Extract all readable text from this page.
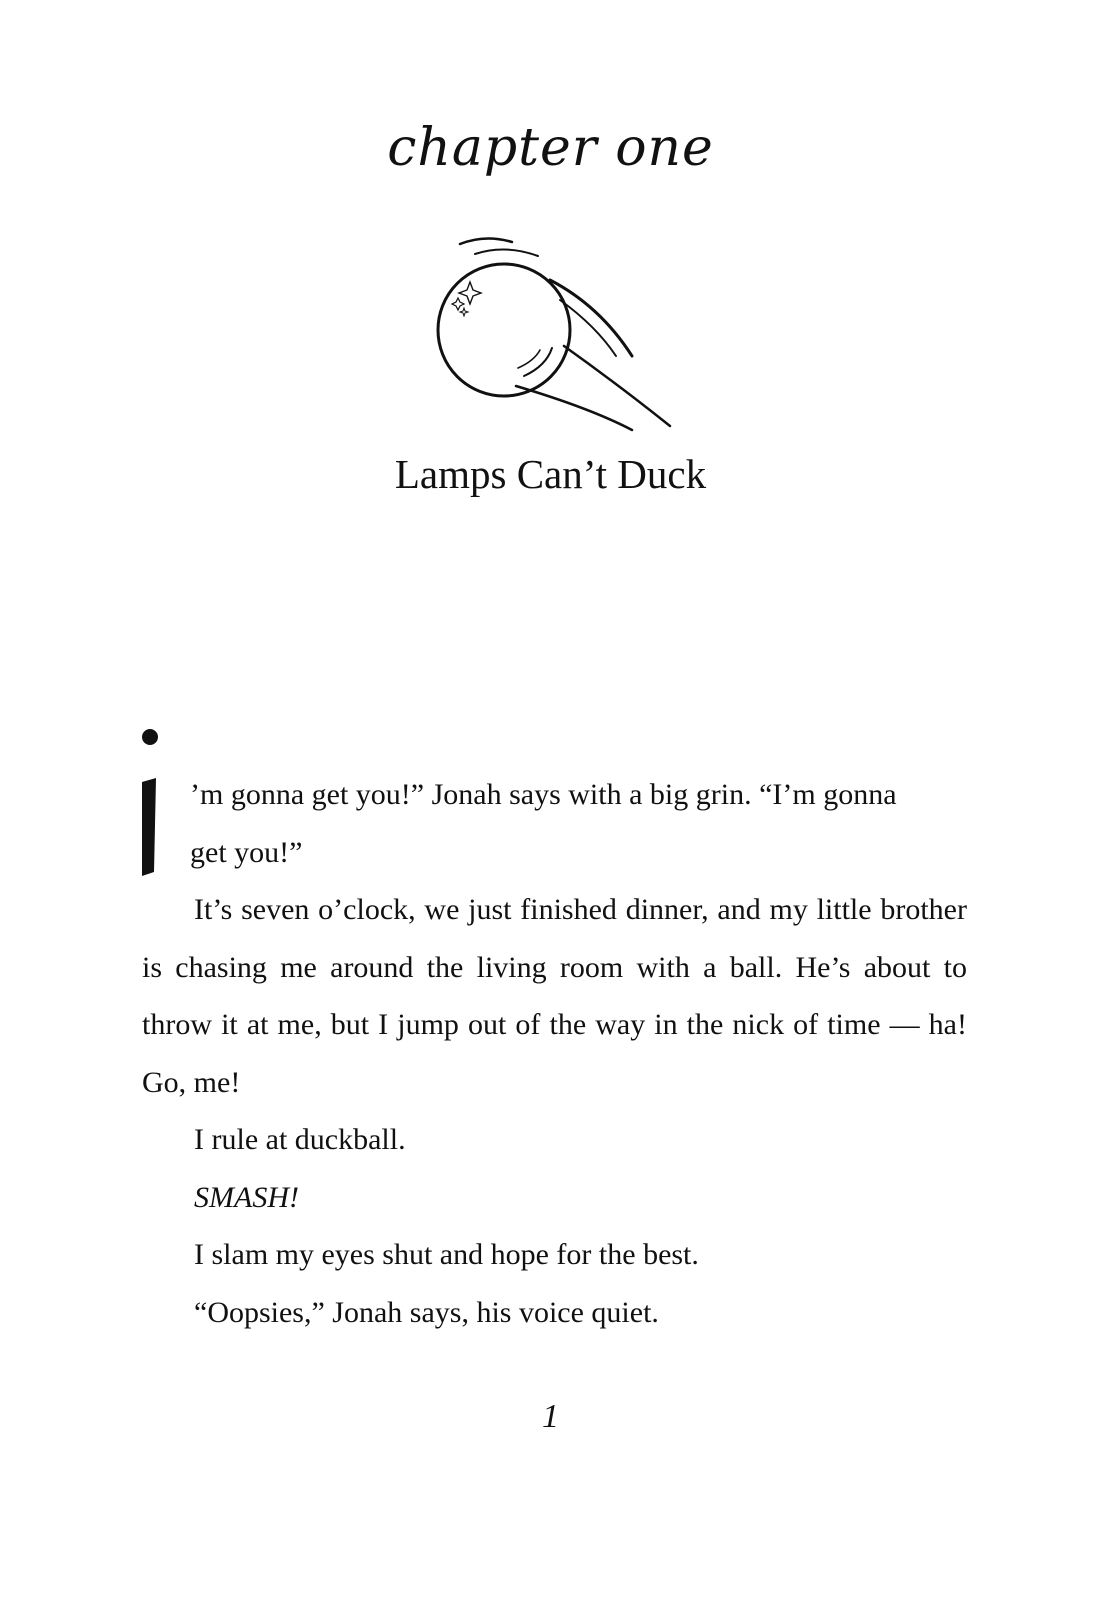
chapter one
Lamps Can’t Duck

’m gonna get you!” Jonah says with a big grin. “I’m gonna
get you!”

It’s seven o’clock, we just finished dinner, and my little brother is chasing me around the living room with a ball. He’s about to throw it at me, but I jump out of the way in the nick of time — ha! Go, me!

I rule at duckball.

SMASH!

I slam my eyes shut and hope for the best.

“Oopsies,” Jonah says, his voice quiet.

1
